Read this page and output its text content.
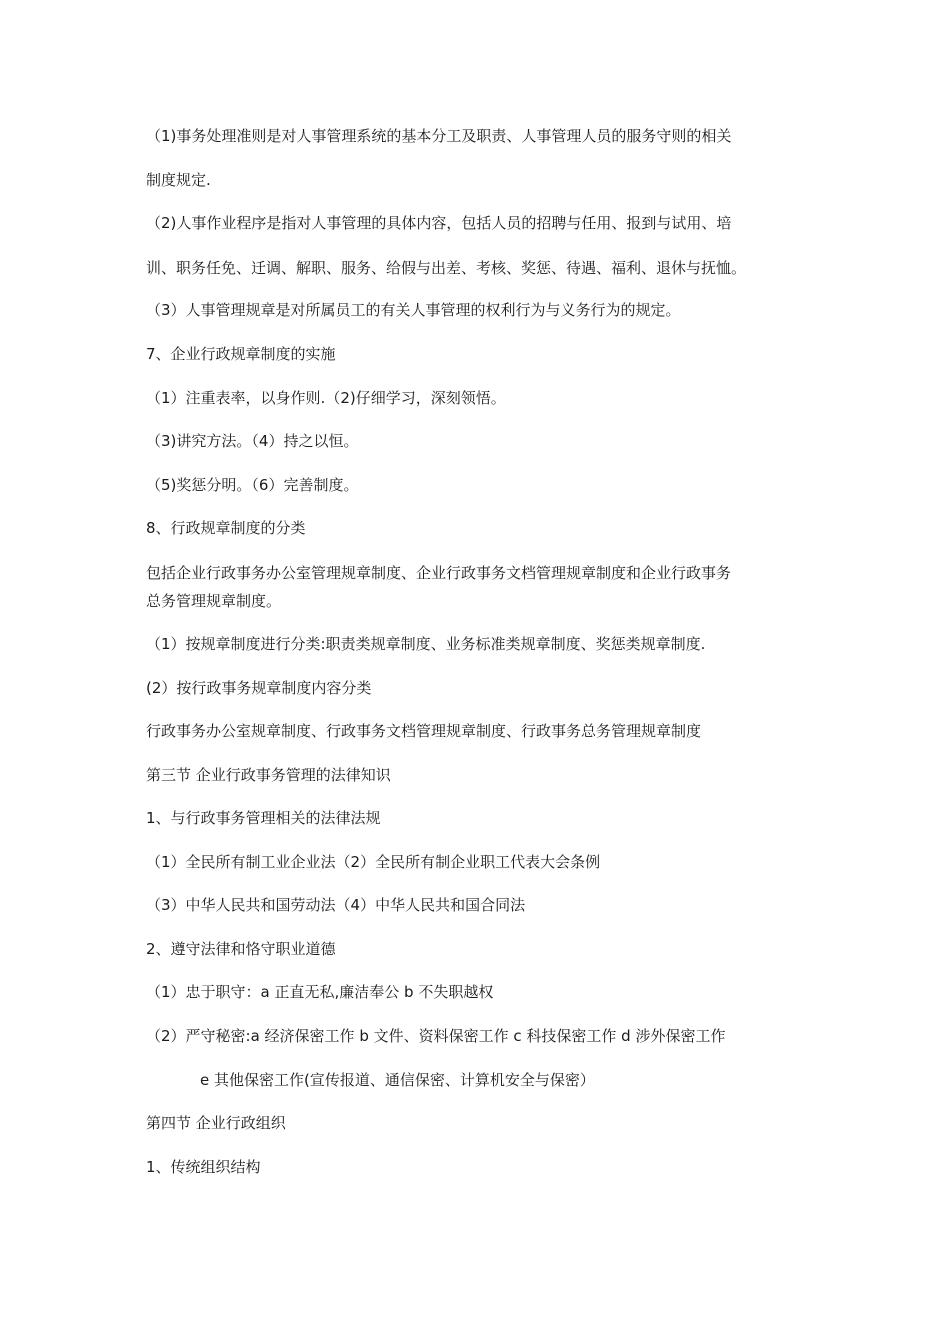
（1)事务处理准则是对人事管理系统的基本分工及职责、人事管理人员的服务守则的相关
制度规定.
（2)人事作业程序是指对人事管理的具体内容，包括人员的招聘与任用、报到与试用、培
训、职务任免、迁调、解职、服务、给假与出差、考核、奖惩、待遇、福利、退休与抚恤。
（3）人事管理规章是对所属员工的有关人事管理的权利行为与义务行为的规定。
7、企业行政规章制度的实施
（1）注重表率，以身作则.（2)仔细学习，深刻领悟。
（3)讲究方法。（4）持之以恒。
（5)奖惩分明。（6）完善制度。
8、行政规章制度的分类
包括企业行政事务办公室管理规章制度、企业行政事务文档管理规章制度和企业行政事务
总务管理规章制度。
（1）按规章制度进行分类:职责类规章制度、业务标准类规章制度、奖惩类规章制度.
(2）按行政事务规章制度内容分类
行政事务办公室规章制度、行政事务文档管理规章制度、行政事务总务管理规章制度
第三节 企业行政事务管理的法律知识
1、与行政事务管理相关的法律法规
（1）全民所有制工业企业法（2）全民所有制企业职工代表大会条例
（3）中华人民共和国劳动法（4）中华人民共和国合同法
2、遵守法律和恪守职业道德
（1）忠于职守：a 正直无私,廉洁奉公 b 不失职越权
（2）严守秘密:a 经济保密工作 b 文件、资料保密工作 c 科技保密工作 d 涉外保密工作
e 其他保密工作(宣传报道、通信保密、计算机安全与保密）
第四节 企业行政组织
1、传统组织结构
